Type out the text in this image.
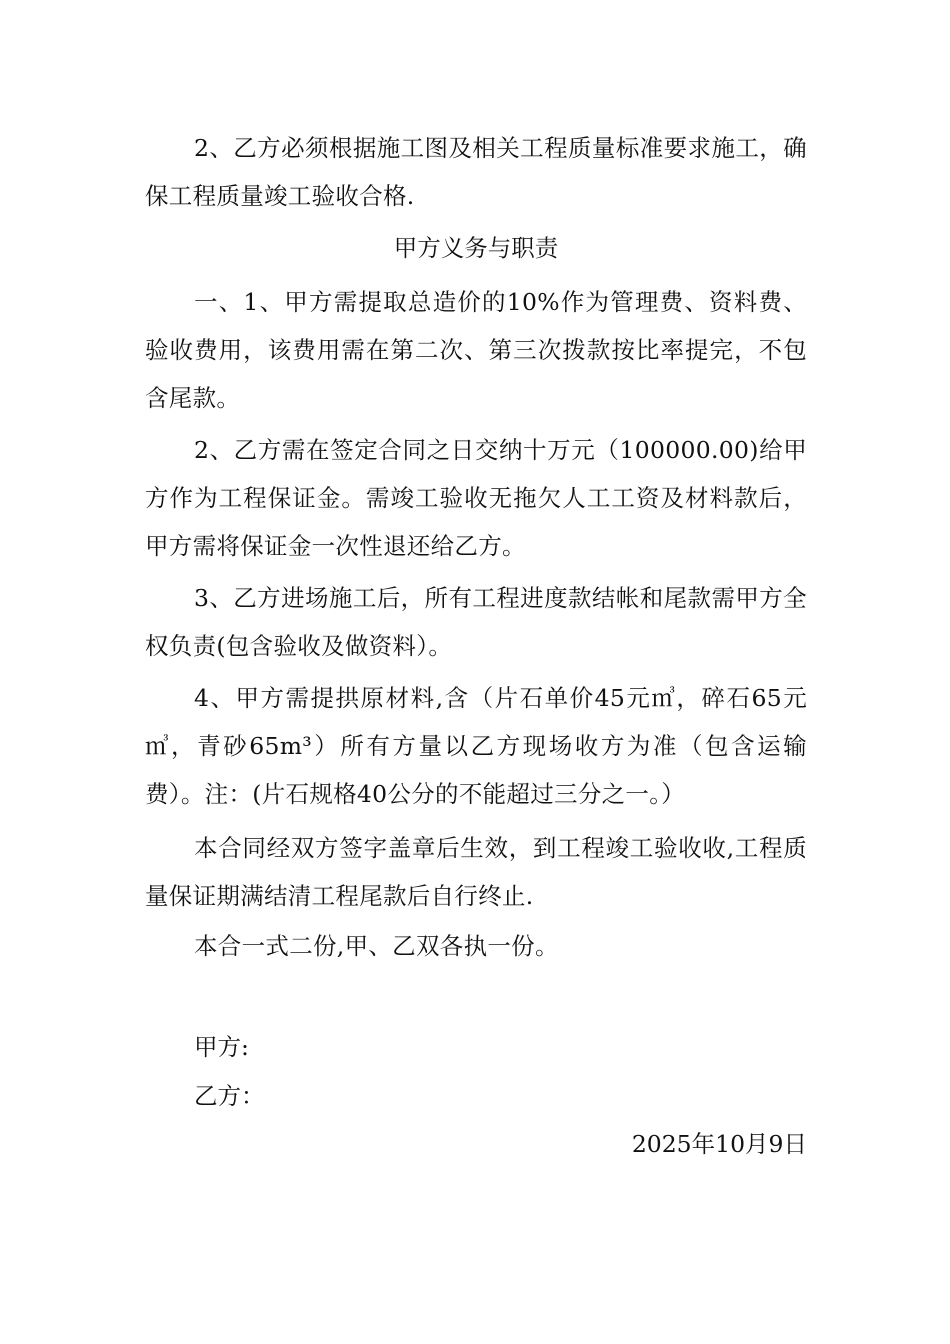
2、乙方必须根据施工图及相关工程质量标准要求施工，确保工程质量竣工验收合格.

甲方义务与职责

一、1、甲方需提取总造价的10%作为管理费、资料费、验收费用，该费用需在第二次、第三次拨款按比率提完，不包含尾款。

2、乙方需在签定合同之日交纳十万元（100000.00)给甲方作为工程保证金。需竣工验收无拖欠人工工资及材料款后，甲方需将保证金一次性退还给乙方。

3、乙方进场施工后，所有工程进度款结帐和尾款需甲方全权负责(包含验收及做资料）。

4、甲方需提拱原材料,含（片石单价45元㎥，碎石65元㎥，青砂65m³）所有方量以乙方现场收方为准（包含运输费）。注：(片石规格40公分的不能超过三分之一。）

本合同经双方签字盖章后生效，到工程竣工验收收,工程质量保证期满结清工程尾款后自行终止.

本合一式二份,甲、乙双各执一份。

甲方:

乙方：

2025年10月9日
